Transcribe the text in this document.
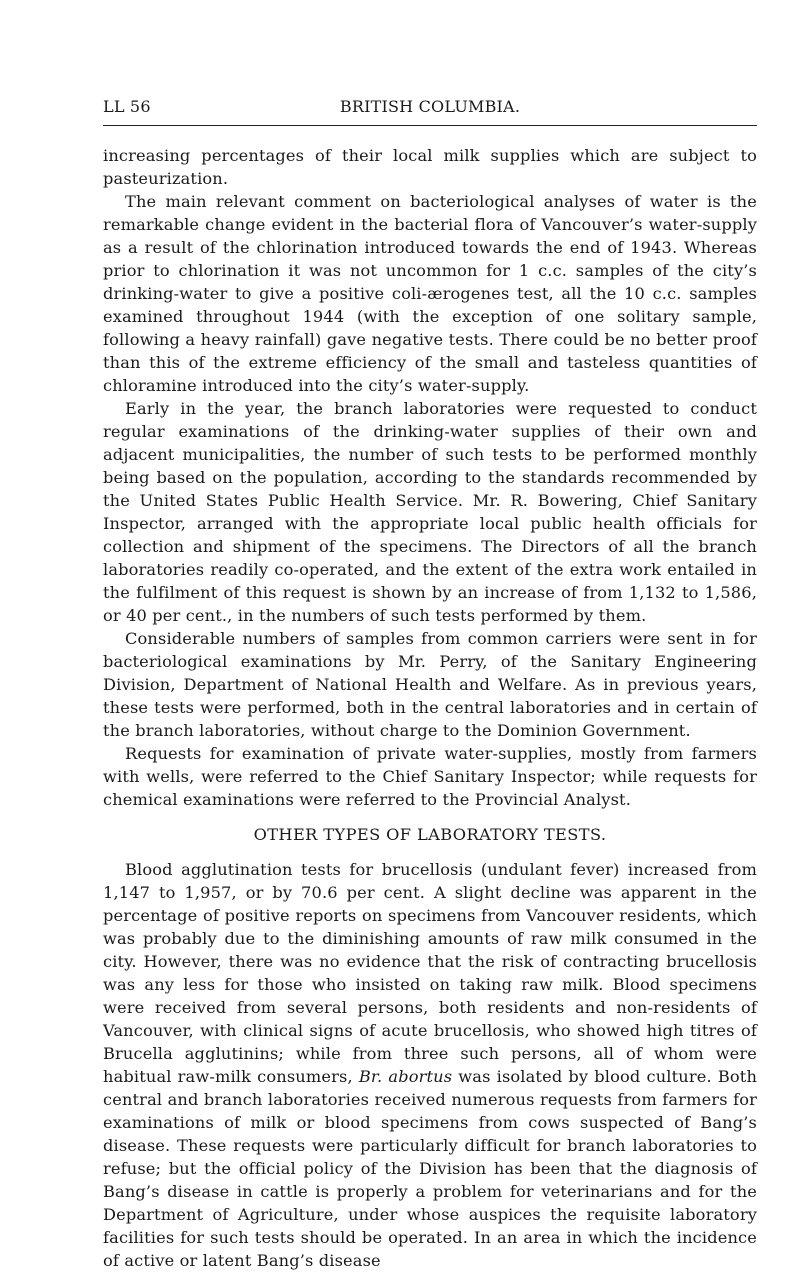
LL 56	BRITISH COLUMBIA.

increasing percentages of their local milk supplies which are subject to pasteurization.

The main relevant comment on bacteriological analyses of water is the remarkable change evident in the bacterial flora of Vancouver’s water-supply as a result of the chlorination introduced towards the end of 1943. Whereas prior to chlorination it was not uncommon for 1 c.c. samples of the city’s drinking-water to give a positive coli-ærogenes test, all the 10 c.c. samples examined throughout 1944 (with the exception of one solitary sample, following a heavy rainfall) gave negative tests. There could be no better proof than this of the extreme efficiency of the small and tasteless quantities of chloramine introduced into the city’s water-supply.

Early in the year, the branch laboratories were requested to conduct regular examinations of the drinking-water supplies of their own and adjacent municipalities, the number of such tests to be performed monthly being based on the population, according to the standards recommended by the United States Public Health Service. Mr. R. Bowering, Chief Sanitary Inspector, arranged with the appropriate local public health officials for collection and shipment of the specimens. The Directors of all the branch laboratories readily co-operated, and the extent of the extra work entailed in the fulfilment of this request is shown by an increase of from 1,132 to 1,586, or 40 per cent., in the numbers of such tests performed by them.

Considerable numbers of samples from common carriers were sent in for bacteriological examinations by Mr. Perry, of the Sanitary Engineering Division, Department of National Health and Welfare. As in previous years, these tests were performed, both in the central laboratories and in certain of the branch laboratories, without charge to the Dominion Government.

Requests for examination of private water-supplies, mostly from farmers with wells, were referred to the Chief Sanitary Inspector; while requests for chemical examinations were referred to the Provincial Analyst.

OTHER TYPES OF LABORATORY TESTS.

Blood agglutination tests for brucellosis (undulant fever) increased from 1,147 to 1,957, or by 70.6 per cent. A slight decline was apparent in the percentage of positive reports on specimens from Vancouver residents, which was probably due to the diminishing amounts of raw milk consumed in the city. However, there was no evidence that the risk of contracting brucellosis was any less for those who insisted on taking raw milk. Blood specimens were received from several persons, both residents and non-residents of Vancouver, with clinical signs of acute brucellosis, who showed high titres of Brucella agglutinins; while from three such persons, all of whom were habitual raw-milk consumers, Br. abortus was isolated by blood culture. Both central and branch laboratories received numerous requests from farmers for examinations of milk or blood specimens from cows suspected of Bang’s disease. These requests were particularly difficult for branch laboratories to refuse; but the official policy of the Division has been that the diagnosis of Bang’s disease in cattle is properly a problem for veterinarians and for the Department of Agriculture, under whose auspices the requisite laboratory facilities for such tests should be operated. In an area in which the incidence of active or latent Bang’s disease
